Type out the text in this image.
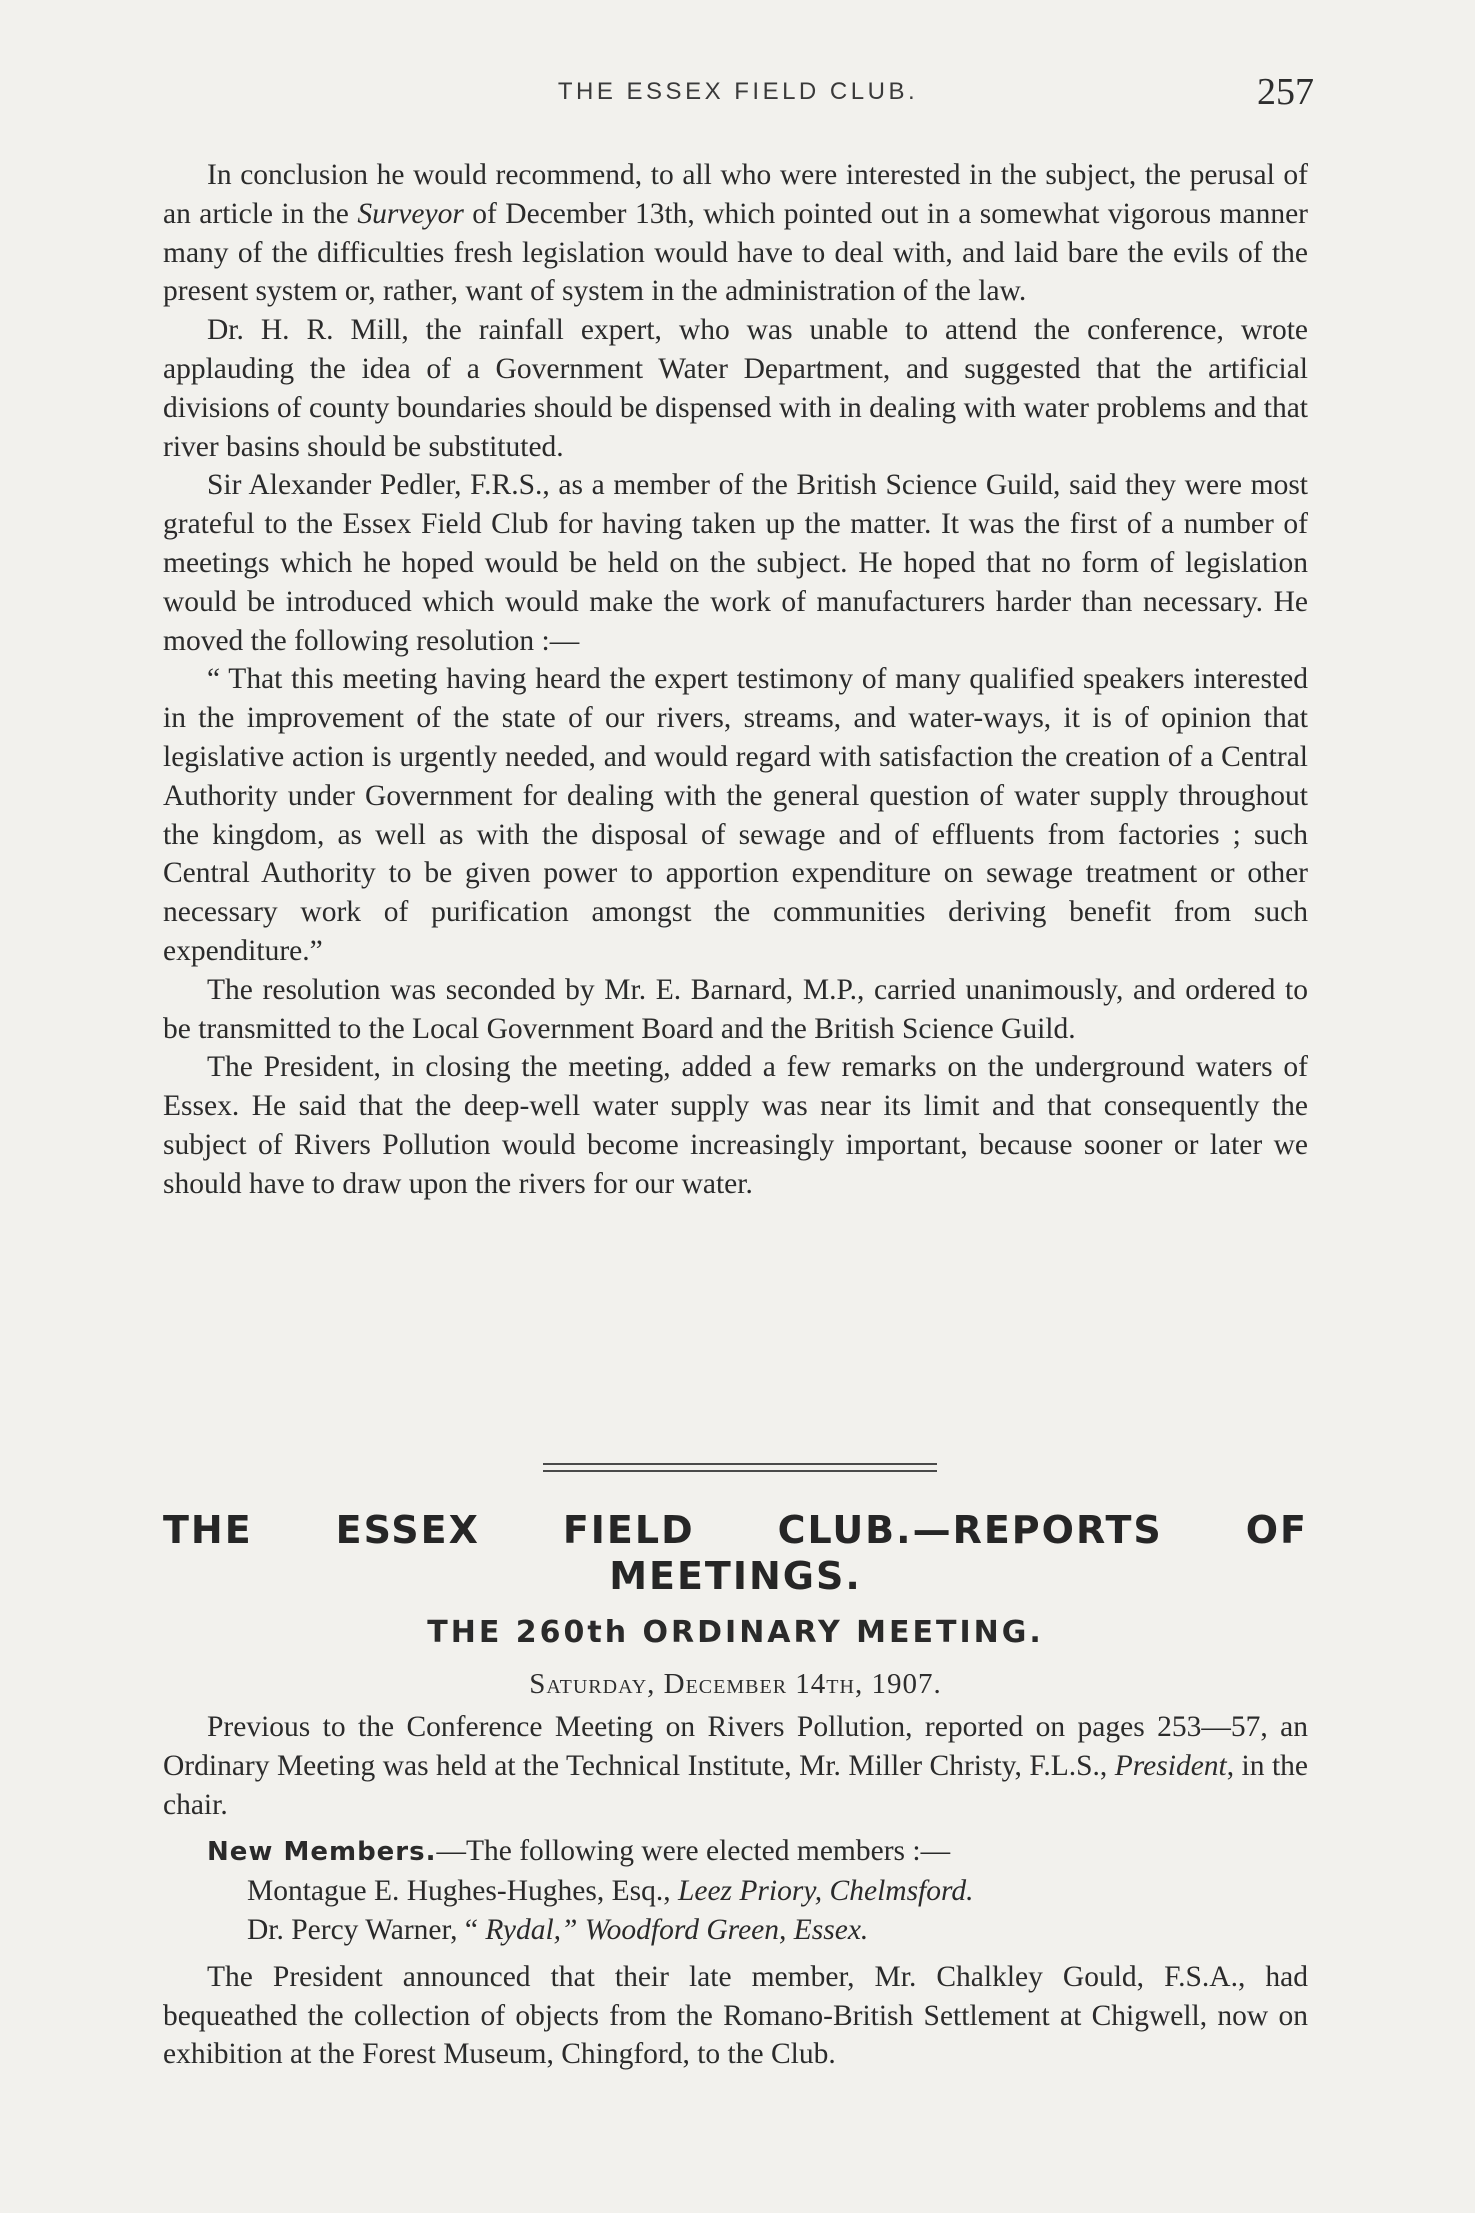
THE ESSEX FIELD CLUB.	257

In conclusion he would recommend, to all who were interested in the subject, the perusal of an article in the Surveyor of December 13th, which pointed out in a somewhat vigorous manner many of the difficulties fresh legislation would have to deal with, and laid bare the evils of the present system or, rather, want of system in the administration of the law.

Dr. H. R. Mill, the rainfall expert, who was unable to attend the conference, wrote applauding the idea of a Government Water Department, and suggested that the artificial divisions of county boundaries should be dispensed with in dealing with water problems and that river basins should be substituted.

Sir Alexander Pedler, F.R.S., as a member of the British Science Guild, said they were most grateful to the Essex Field Club for having taken up the matter. It was the first of a number of meetings which he hoped would be held on the subject. He hoped that no form of legislation would be introduced which would make the work of manufacturers harder than necessary. He moved the following resolution :—

“ That this meeting having heard the expert testimony of many qualified speakers interested in the improvement of the state of our rivers, streams, and water-ways, it is of opinion that legislative action is urgently needed, and would regard with satisfaction the creation of a Central Authority under Government for dealing with the general question of water supply throughout the kingdom, as well as with the disposal of sewage and of effluents from factories ; such Central Authority to be given power to apportion expenditure on sewage treatment or other necessary work of purification amongst the communities deriving benefit from such expenditure.”

The resolution was seconded by Mr. E. Barnard, M.P., carried unanimously, and ordered to be transmitted to the Local Government Board and the British Science Guild.

The President, in closing the meeting, added a few remarks on the underground waters of Essex. He said that the deep-well water supply was near its limit and that consequently the subject of Rivers Pollution would become increasingly important, because sooner or later we should have to draw upon the rivers for our water.

THE ESSEX FIELD CLUB.—REPORTS OF
MEETINGS.
THE 260th ORDINARY MEETING.

Saturday, December 14th, 1907.

Previous to the Conference Meeting on Rivers Pollution, reported on pages 253—57, an Ordinary Meeting was held at the Technical Institute, Mr. Miller Christy, F.L.S., President, in the chair.

New Members.—The following were elected members :—

Montague E. Hughes-Hughes, Esq., Leez Priory, Chelmsford.

Dr. Percy Warner, “ Rydal,” Woodford Green, Essex.

The President announced that their late member, Mr. Chalkley Gould, F.S.A., had bequeathed the collection of objects from the Romano-British Settlement at Chigwell, now on exhibition at the Forest Museum, Chingford, to the Club.
